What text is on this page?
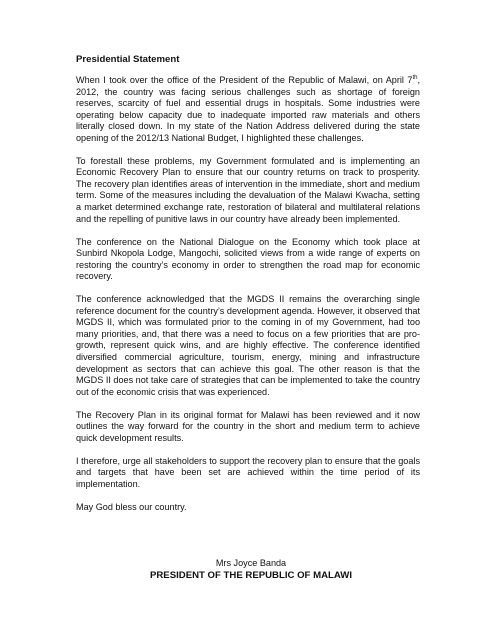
Presidential Statement

When I took over the office of the President of the Republic of Malawi, on April 7th, 2012, the country was facing serious challenges such as shortage of foreign reserves, scarcity of fuel and essential drugs in hospitals. Some industries were operating below capacity due to inadequate imported raw materials and others literally closed down. In my state of the Nation Address delivered during the state opening of the 2012/13 National Budget, I highlighted these challenges.

To forestall these problems, my Government formulated and is implementing an Economic Recovery Plan to ensure that our country returns on track to prosperity. The recovery plan identifies areas of intervention in the immediate, short and medium term. Some of the measures including the devaluation of the Malawi Kwacha, setting a market determined exchange rate, restoration of bilateral and multilateral relations and the repelling of punitive laws in our country have already been implemented.

The conference on the National Dialogue on the Economy which took place at Sunbird Nkopola Lodge, Mangochi, solicited views from a wide range of experts on restoring the country’s economy in order to strengthen the road map for economic recovery.

The conference acknowledged that the MGDS II remains the overarching single reference document for the country’s development agenda. However, it observed that MGDS II, which was formulated prior to the coming in of my Government, had too many priorities, and, that there was a need to focus on a few priorities that are pro-growth, represent quick wins, and are highly effective. The conference identified diversified commercial agriculture, tourism, energy, mining and infrastructure development as sectors that can achieve this goal. The other reason is that the MGDS II does not take care of strategies that can be implemented to take the country out of the economic crisis that was experienced.

The Recovery Plan in its original format for Malawi has been reviewed and it now outlines the way forward for the country in the short and medium term to achieve quick development results.

I therefore, urge all stakeholders to support the recovery plan to ensure that the goals and targets that have been set are achieved within the time period of its implementation.

May God bless our country.

Mrs Joyce Banda
PRESIDENT OF THE REPUBLIC OF MALAWI
